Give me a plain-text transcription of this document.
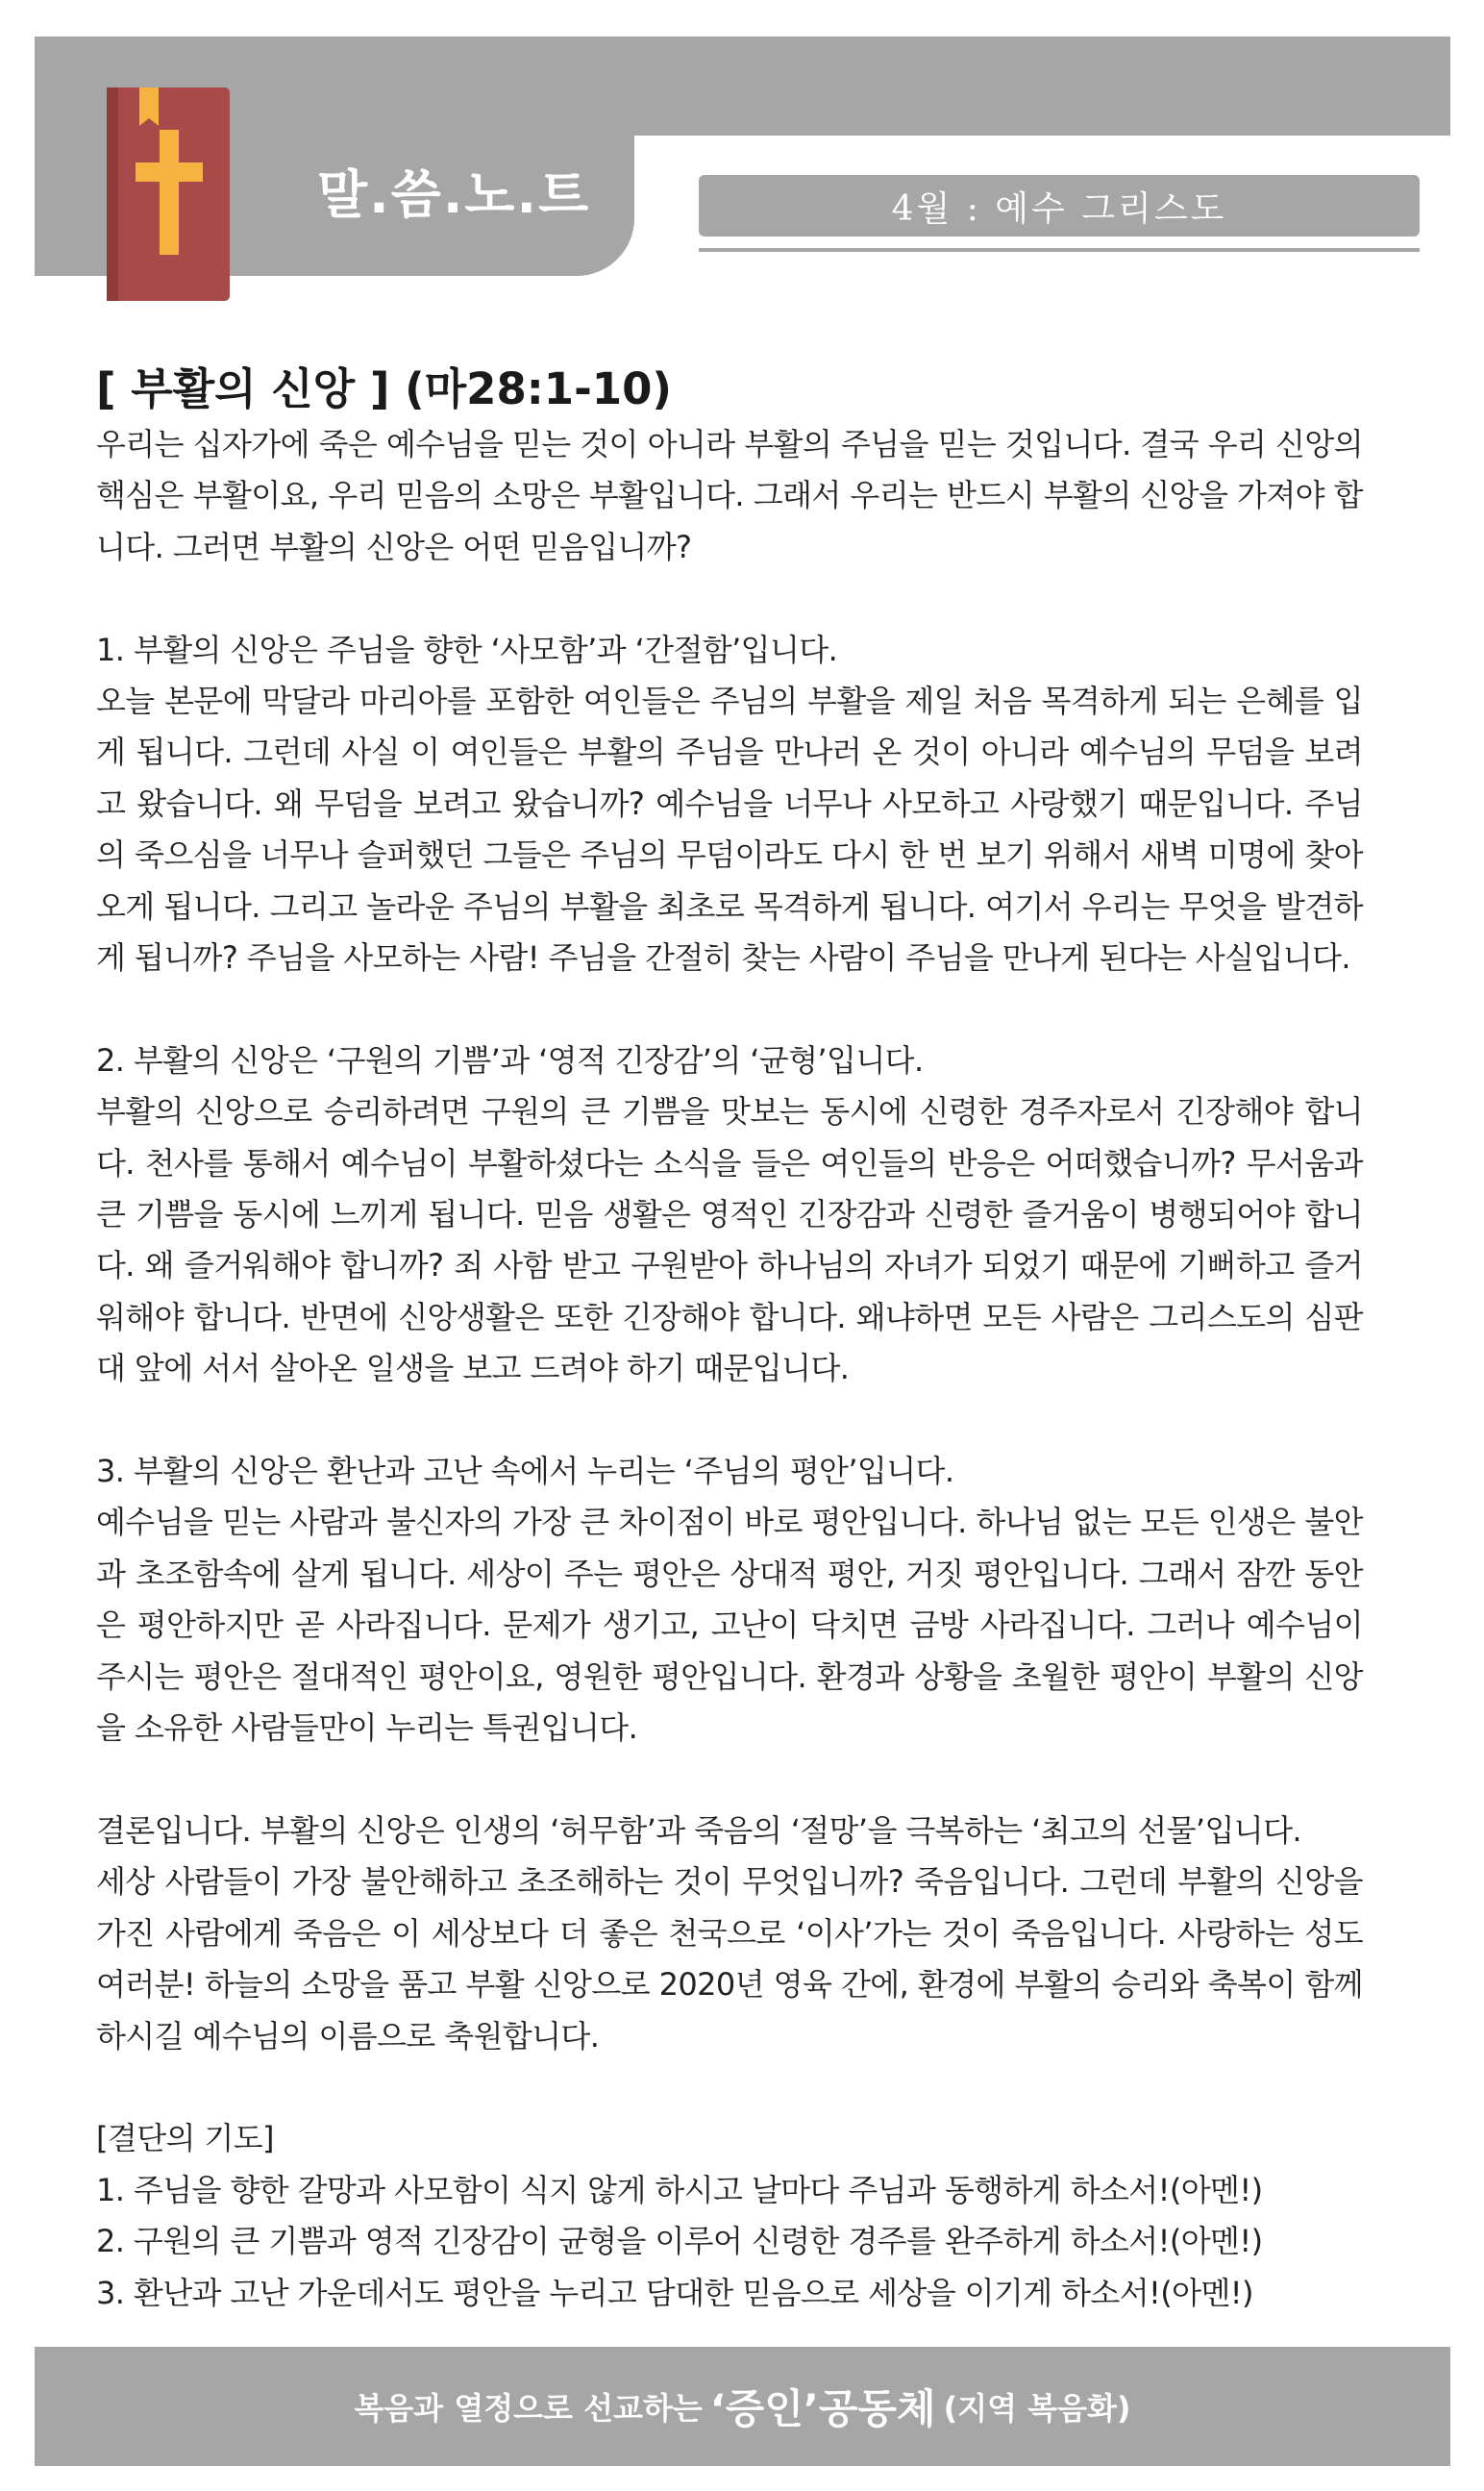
말.씀.노.트	4월 : 예수 그리스도
[ 부활의 신앙 ] (마28:1-10)

우리는 십자가에 죽은 예수님을 믿는 것이 아니라 부활의 주님을 믿는 것입니다. 결국 우리 신앙의 핵심은 부활이요, 우리 믿음의 소망은 부활입니다. 그래서 우리는 반드시 부활의 신앙을 가져야 합니다. 그러면 부활의 신앙은 어떤 믿음입니까?

1. 부활의 신앙은 주님을 향한 ‘사모함’과 ‘간절함’입니다.

오늘 본문에 막달라 마리아를 포함한 여인들은 주님의 부활을 제일 처음 목격하게 되는 은혜를 입게 됩니다. 그런데 사실 이 여인들은 부활의 주님을 만나러 온 것이 아니라 예수님의 무덤을 보려고 왔습니다. 왜 무덤을 보려고 왔습니까? 예수님을 너무나 사모하고 사랑했기 때문입니다. 주님의 죽으심을 너무나 슬퍼했던 그들은 주님의 무덤이라도 다시 한 번 보기 위해서 새벽 미명에 찾아오게 됩니다. 그리고 놀라운 주님의 부활을 최초로 목격하게 됩니다. 여기서 우리는 무엇을 발견하게 됩니까? 주님을 사모하는 사람! 주님을 간절히 찾는 사람이 주님을 만나게 된다는 사실입니다.

2. 부활의 신앙은 ‘구원의 기쁨’과 ‘영적 긴장감’의 ‘균형’입니다.

부활의 신앙으로 승리하려면 구원의 큰 기쁨을 맛보는 동시에 신령한 경주자로서 긴장해야 합니다. 천사를 통해서 예수님이 부활하셨다는 소식을 들은 여인들의 반응은 어떠했습니까? 무서움과 큰 기쁨을 동시에 느끼게 됩니다. 믿음 생활은 영적인 긴장감과 신령한 즐거움이 병행되어야 합니다. 왜 즐거워해야 합니까? 죄 사함 받고 구원받아 하나님의 자녀가 되었기 때문에 기뻐하고 즐거워해야 합니다. 반면에 신앙생활은 또한 긴장해야 합니다. 왜냐하면 모든 사람은 그리스도의 심판대 앞에 서서 살아온 일생을 보고 드려야 하기 때문입니다.

3. 부활의 신앙은 환난과 고난 속에서 누리는 ‘주님의 평안’입니다.

예수님을 믿는 사람과 불신자의 가장 큰 차이점이 바로 평안입니다. 하나님 없는 모든 인생은 불안과 초조함속에 살게 됩니다. 세상이 주는 평안은 상대적 평안, 거짓 평안입니다. 그래서 잠깐 동안은 평안하지만 곧 사라집니다. 문제가 생기고, 고난이 닥치면 금방 사라집니다. 그러나 예수님이 주시는 평안은 절대적인 평안이요, 영원한 평안입니다. 환경과 상황을 초월한 평안이 부활의 신앙을 소유한 사람들만이 누리는 특권입니다.

결론입니다. 부활의 신앙은 인생의 ‘허무함’과 죽음의 ‘절망’을 극복하는 ‘최고의 선물’입니다.

세상 사람들이 가장 불안해하고 초조해하는 것이 무엇입니까? 죽음입니다. 그런데 부활의 신앙을 가진 사람에게 죽음은 이 세상보다 더 좋은 천국으로 ‘이사’가는 것이 죽음입니다. 사랑하는 성도 여러분! 하늘의 소망을 품고 부활 신앙으로 2020년 영육 간에, 환경에 부활의 승리와 축복이 함께 하시길 예수님의 이름으로 축원합니다.

[결단의 기도]

1. 주님을 향한 갈망과 사모함이 식지 않게 하시고 날마다 주님과 동행하게 하소서!(아멘!)

2. 구원의 큰 기쁨과 영적 긴장감이 균형을 이루어 신령한 경주를 완주하게 하소서!(아멘!)

3. 환난과 고난 가운데서도 평안을 누리고 담대한 믿음으로 세상을 이기게 하소서!(아멘!)

복음과 열정으로 선교하는 ‘증인’공동체 (지역 복음화)
